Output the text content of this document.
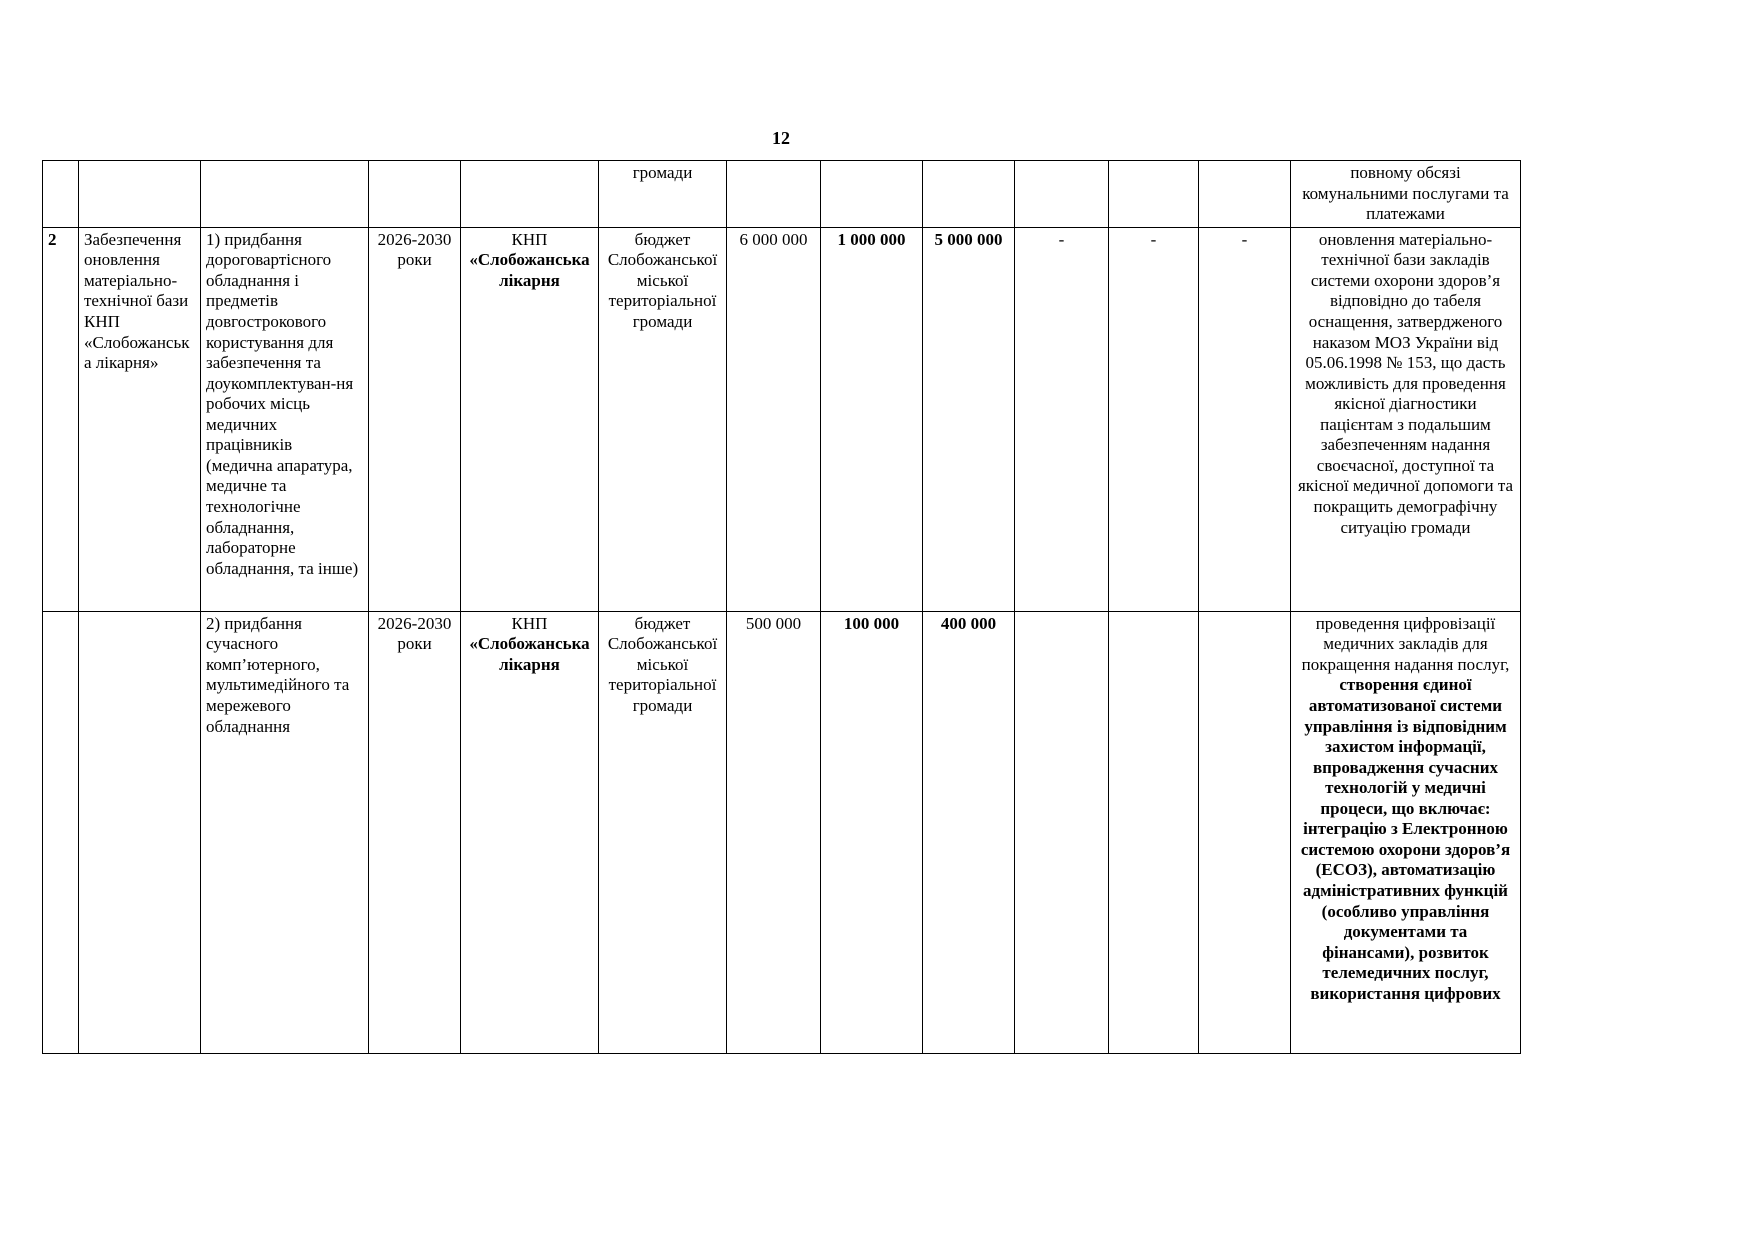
12
					громади							повному обсязі комунальними послугами та платежами
2	Забезпечення оновлення матеріально-технічної бази КНП «Слобожанська лікарня»	1) придбання дороговартісного обладнання і предметів довгострокового користування для забезпечення та доукомплектуван-ня робочих місць медичних працівників (медична апаратура, медичне та технологічне обладнання, лабораторне обладнання, та інше)	2026-2030 роки	КНП «Слобожанська лікарня	бюджет Слобожанської міської територіальної громади	6 000 000	1 000 000	5 000 000	-	-	-	оновлення матеріально-технічної бази закладів системи охорони здоров’я відповідно до табеля оснащення, затвердженого наказом МОЗ України від 05.06.1998 № 153, що дасть можливість для проведення якісної діагностики пацієнтам з подальшим забезпеченням надання своєчасної, доступної та якісної медичної допомоги та покращить демографічну ситуацію громади
		2) придбання сучасного комп’ютерного, мультимедійного та мережевого обладнання	2026-2030 роки	КНП «Слобожанська лікарня	бюджет Слобожанської міської територіальної громади	500 000	100 000	400 000				проведення цифровізації медичних закладів для покращення надання послуг, створення єдиної автоматизованої системи управління із відповідним захистом інформації, впровадження сучасних технологій у медичні процеси, що включає: інтеграцію з Електронною системою охорони здоров’я
(ЕСОЗ), автоматизацію адміністративних функцій (особливо управління документами та фінансами), розвиток телемедичних послуг, використання цифрових
